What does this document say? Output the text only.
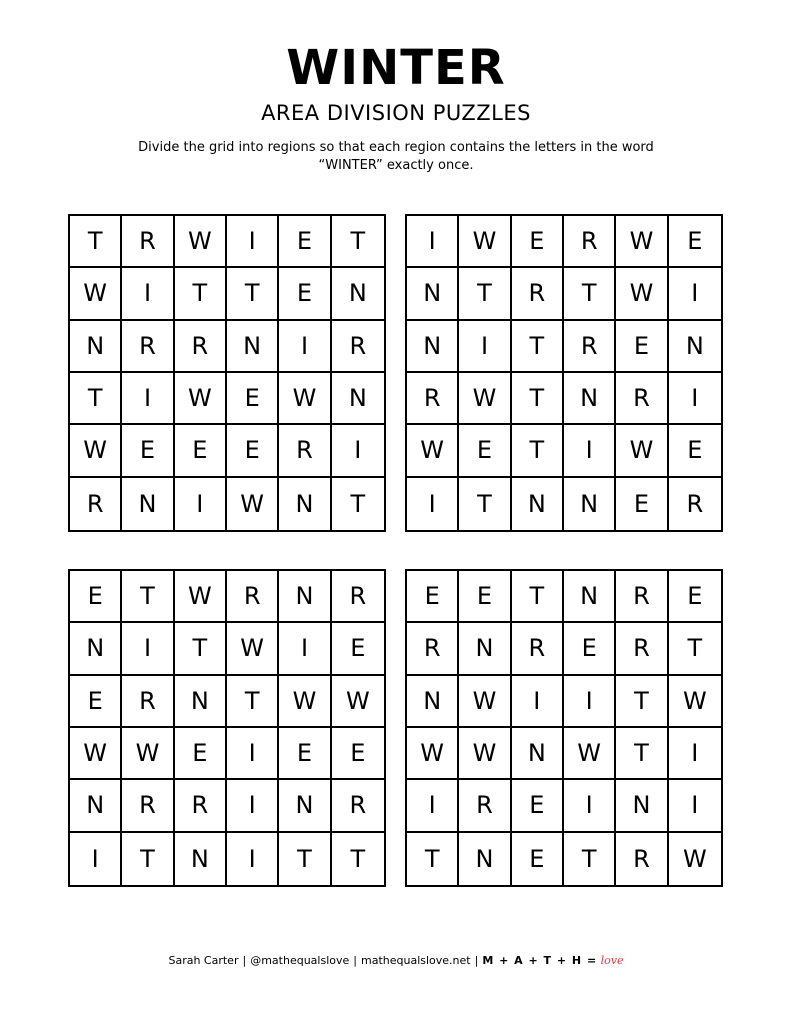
WINTER
AREA DIVISION PUZZLES
Divide the grid into regions so that each region contains the letters in the word “WINTER” exactly once.
T	R	W	I	E	T
W	I	T	T	E	N
N	R	R	N	I	R
T	I	W	E	W	N
W	E	E	E	R	I
R	N	I	W	N	T
I	W	E	R	W	E
N	T	R	T	W	I
N	I	T	R	E	N
R	W	T	N	R	I
W	E	T	I	W	E
I	T	N	N	E	R
E	T	W	R	N	R
N	I	T	W	I	E
E	R	N	T	W	W
W	W	E	I	E	E
N	R	R	I	N	R
I	T	N	I	T	T
E	E	T	N	R	E
R	N	R	E	R	T
N	W	I	I	T	W
W	W	N	W	T	I
I	R	E	I	N	I
T	N	E	T	R	W
Sarah Carter | @mathequalslove | mathequalslove.net | M + A + T + H = love
